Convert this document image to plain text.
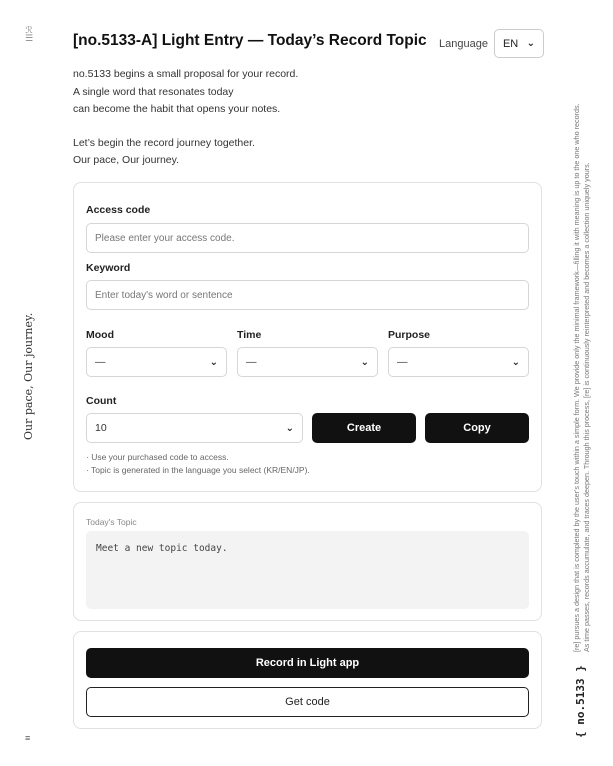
ℛ
☰
Our pace, Our journey.
≡
[re] pursues a design that is completed by the user's touch within a simple form. We provide only the minimal framework—filling it with meaning is up to the one who records. As time passes, records accumulate, and traces deepen. Through this process, [re] is continuously reinterpreted and becomes a collection uniquely yours.
{ no.5133 }
[no.5133-A] Light Entry — Today’s Record Topic Language EN ⌄

no.5133 begins a small proposal for your record.

A single word that resonates today

can become the habit that opens your notes.

Let’s begin the record journey together.

Our pace, Our journey.

Access code
Please enter your access code.
Keyword
Enter today's word or sentence
Mood
—	⌄
Time
—	⌄
Purpose
—	⌄
Count
10	⌄	Create	Copy
· Use your purchased code to access.
· Topic is generated in the language you select (KR/EN/JP).
Today's Topic
Meet a new topic today.
Record in Light app
Get code
